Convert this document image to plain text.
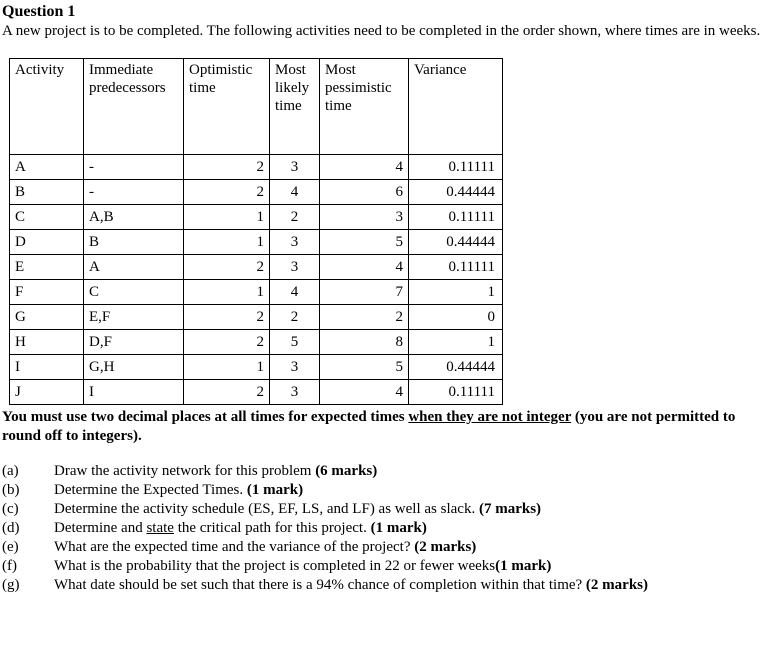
Question 1
A new project is to be completed. The following activities need to be completed in the order shown, where times are in weeks.
Activity	Immediate predecessors	Optimistic time	Most likely time	Most pessimistic time	Variance
A	-	2	3	4	0.11111
B	-	2	4	6	0.44444
C	A,B	1	2	3	0.11111
D	B	1	3	5	0.44444
E	A	2	3	4	0.11111
F	C	1	4	7	1
G	E,F	2	2	2	0
H	D,F	2	5	8	1
I	G,H	1	3	5	0.44444
J	I	2	3	4	0.11111
You must use two decimal places at all times for expected times when they are not integer (you are not permitted to round off to integers).
(a)	Draw the activity network for this problem (6 marks)
(b)	Determine the Expected Times. (1 mark)
(c)	Determine the activity schedule (ES, EF, LS, and LF) as well as slack. (7 marks)
(d)	Determine and state the critical path for this project. (1 mark)
(e)	What are the expected time and the variance of the project? (2 marks)
(f)	What is the probability that the project is completed in 22 or fewer weeks(1 mark)
(g)	What date should be set such that there is a 94% chance of completion within that time? (2 marks)
